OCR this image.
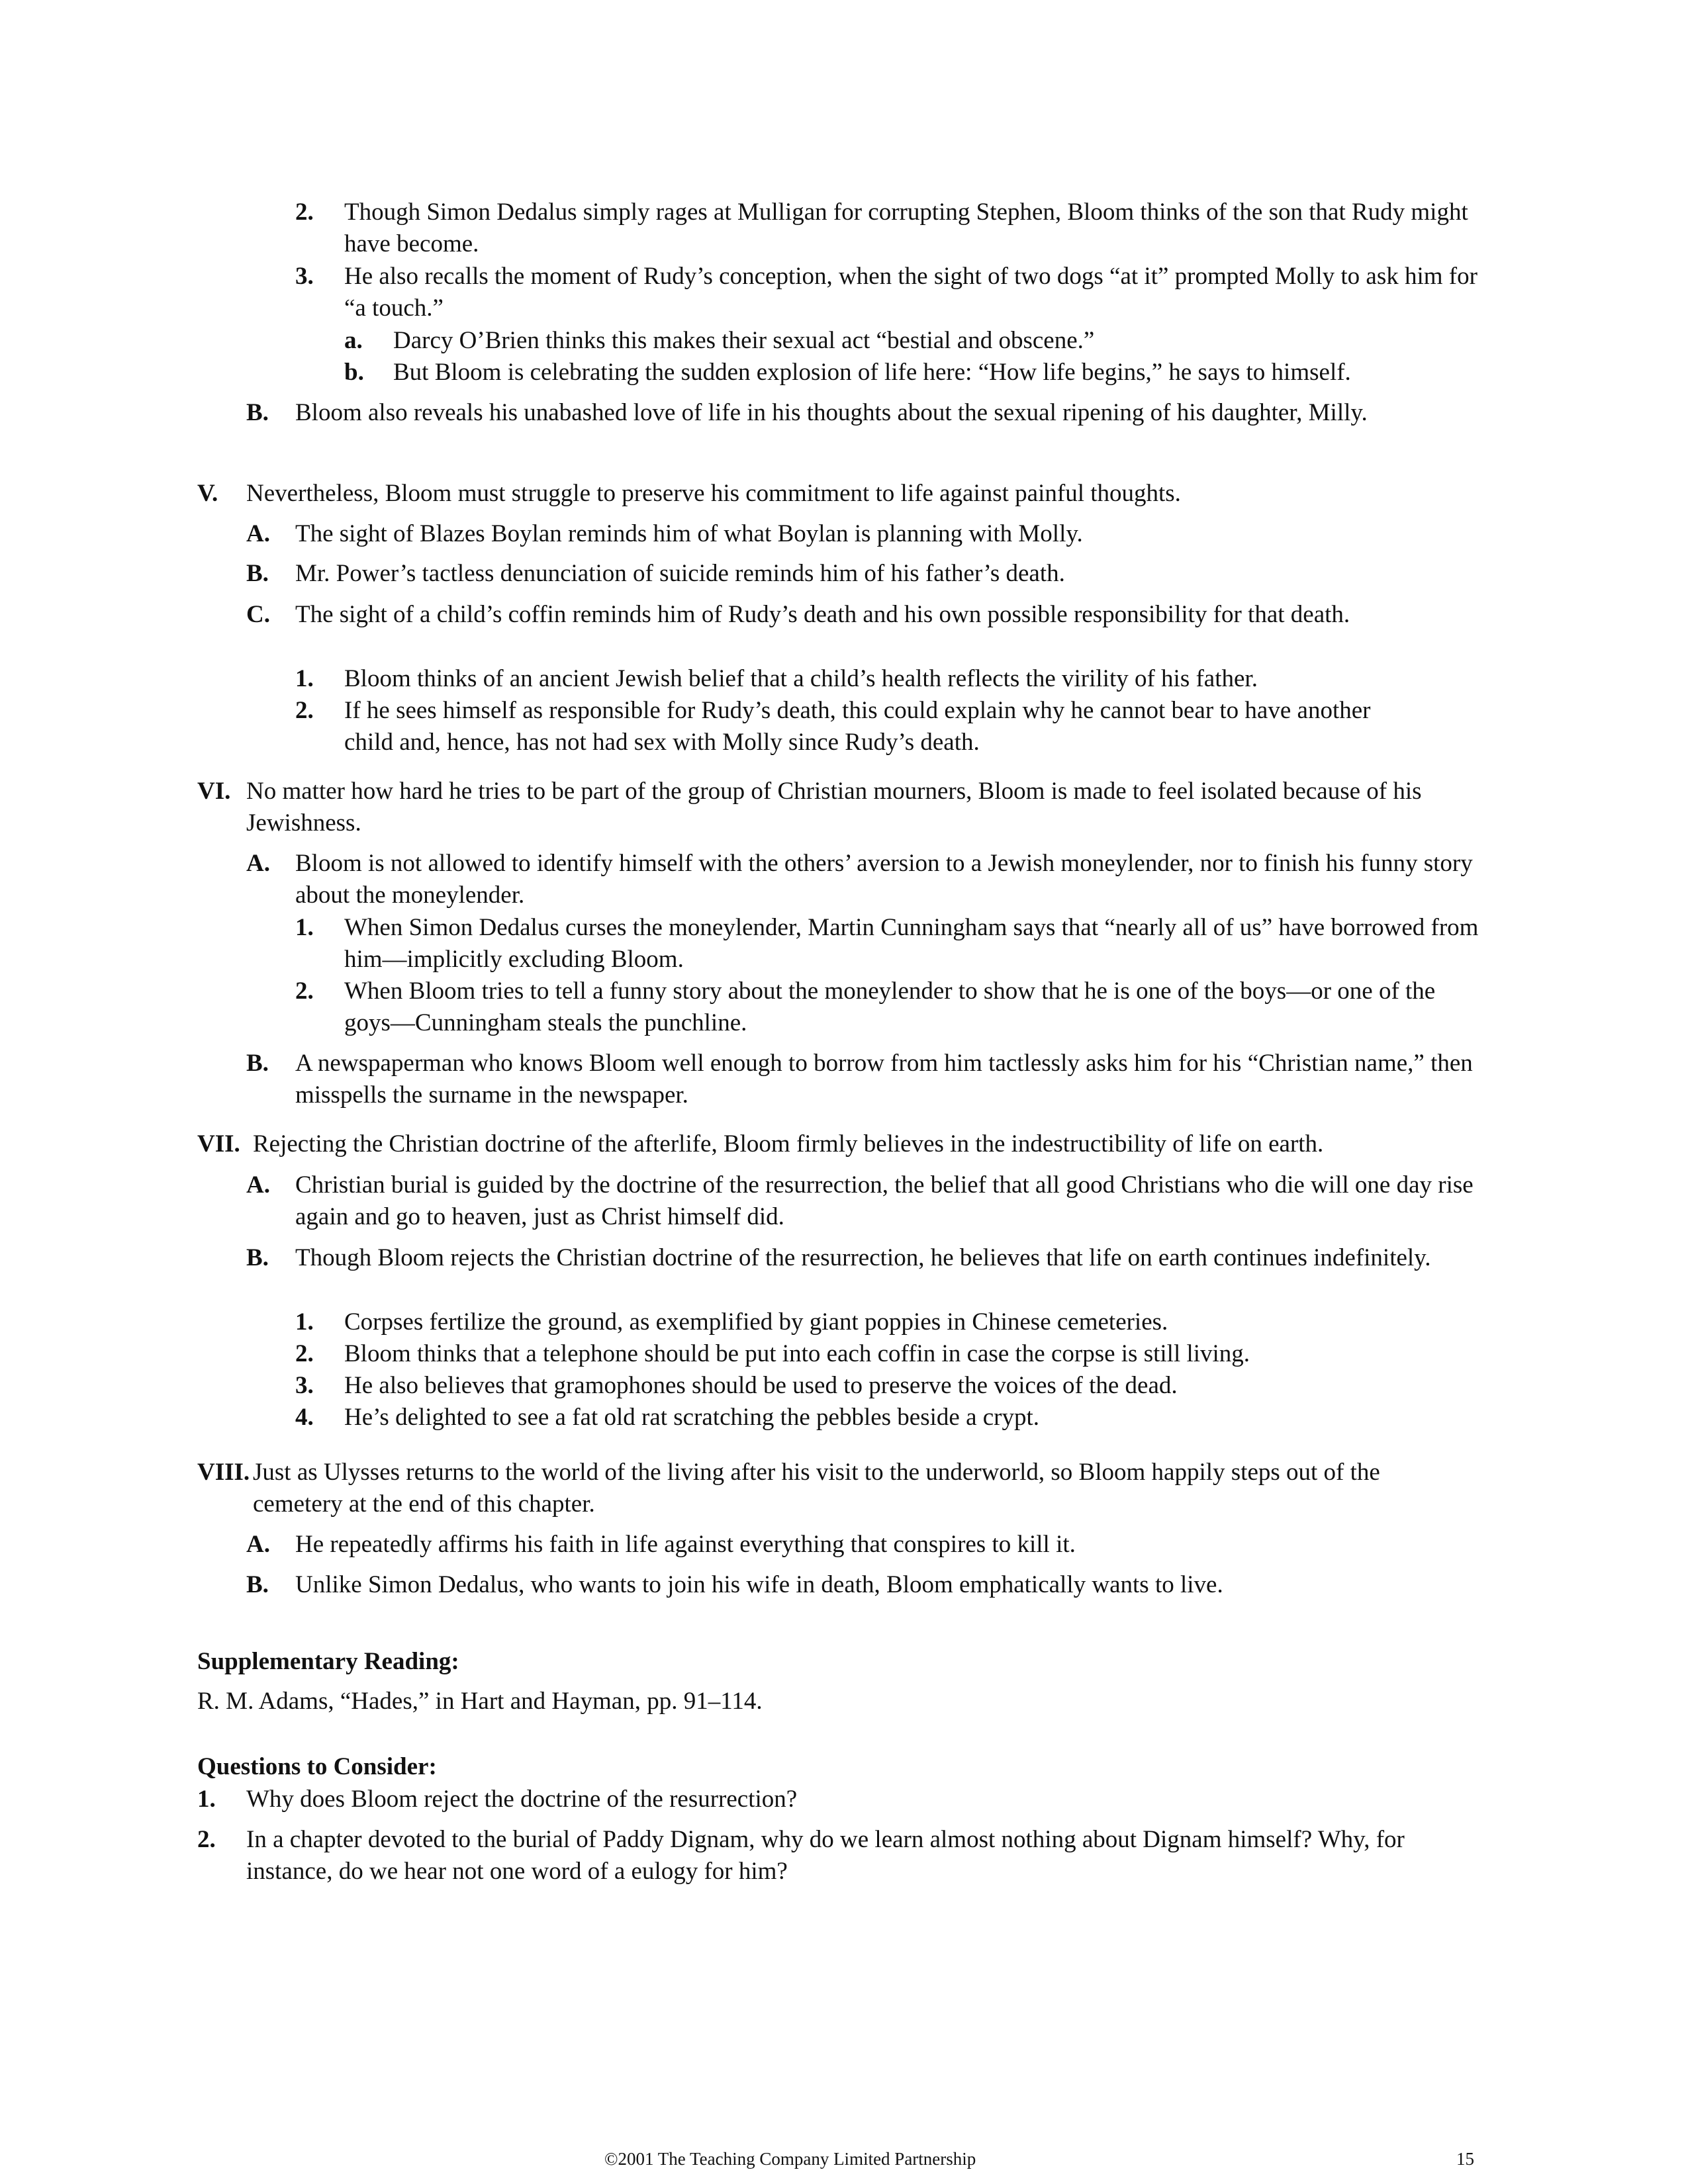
2.	Though Simon Dedalus simply rages at Mulligan for corrupting Stephen, Bloom thinks of the son that Rudy might have become.
3.	He also recalls the moment of Rudy’s conception, when the sight of two dogs “at it” prompted Molly to ask him for “a touch.”
a.	Darcy O’Brien thinks this makes their sexual act “bestial and obscene.”
b.	But Bloom is celebrating the sudden explosion of life here: “How life begins,” he says to himself.
B.	Bloom also reveals his unabashed love of life in his thoughts about the sexual ripening of his daughter, Milly.
V.	Nevertheless, Bloom must struggle to preserve his commitment to life against painful thoughts.
A.	The sight of Blazes Boylan reminds him of what Boylan is planning with Molly.
B.	Mr. Power’s tactless denunciation of suicide reminds him of his father’s death.
C.	The sight of a child’s coffin reminds him of Rudy’s death and his own possible responsibility for that death.
1.	Bloom thinks of an ancient Jewish belief that a child’s health reflects the virility of his father.
2.	If he sees himself as responsible for Rudy’s death, this could explain why he cannot bear to have another child and, hence, has not had sex with Molly since Rudy’s death.
VI. No matter how hard he tries to be part of the group of Christian mourners, Bloom is made to feel isolated because of his Jewishness.
A.	Bloom is not allowed to identify himself with the others’ aversion to a Jewish moneylender, nor to finish his funny story about the moneylender.
1.	When Simon Dedalus curses the moneylender, Martin Cunningham says that “nearly all of us” have borrowed from him—implicitly excluding Bloom.
2.	When Bloom tries to tell a funny story about the moneylender to show that he is one of the boys—or one of the goys—Cunningham steals the punchline.
B.	A newspaperman who knows Bloom well enough to borrow from him tactlessly asks him for his “Christian name,” then misspells the surname in the newspaper.
VII. Rejecting the Christian doctrine of the afterlife, Bloom firmly believes in the indestructibility of life on earth.
A.	Christian burial is guided by the doctrine of the resurrection, the belief that all good Christians who die will one day rise again and go to heaven, just as Christ himself did.
B.	Though Bloom rejects the Christian doctrine of the resurrection, he believes that life on earth continues indefinitely.
1.	Corpses fertilize the ground, as exemplified by giant poppies in Chinese cemeteries.
2.	Bloom thinks that a telephone should be put into each coffin in case the corpse is still living.
3.	He also believes that gramophones should be used to preserve the voices of the dead.
4.	He’s delighted to see a fat old rat scratching the pebbles beside a crypt.
VIII. Just as Ulysses returns to the world of the living after his visit to the underworld, so Bloom happily steps out of the cemetery at the end of this chapter.
A.	He repeatedly affirms his faith in life against everything that conspires to kill it.
B.	Unlike Simon Dedalus, who wants to join his wife in death, Bloom emphatically wants to live.
Supplementary Reading:
R. M. Adams, “Hades,” in Hart and Hayman, pp. 91–114.
Questions to Consider:
1.	Why does Bloom reject the doctrine of the resurrection?
2.	In a chapter devoted to the burial of Paddy Dignam, why do we learn almost nothing about Dignam himself? Why, for instance, do we hear not one word of a eulogy for him?
©2001 The Teaching Company Limited Partnership	15
